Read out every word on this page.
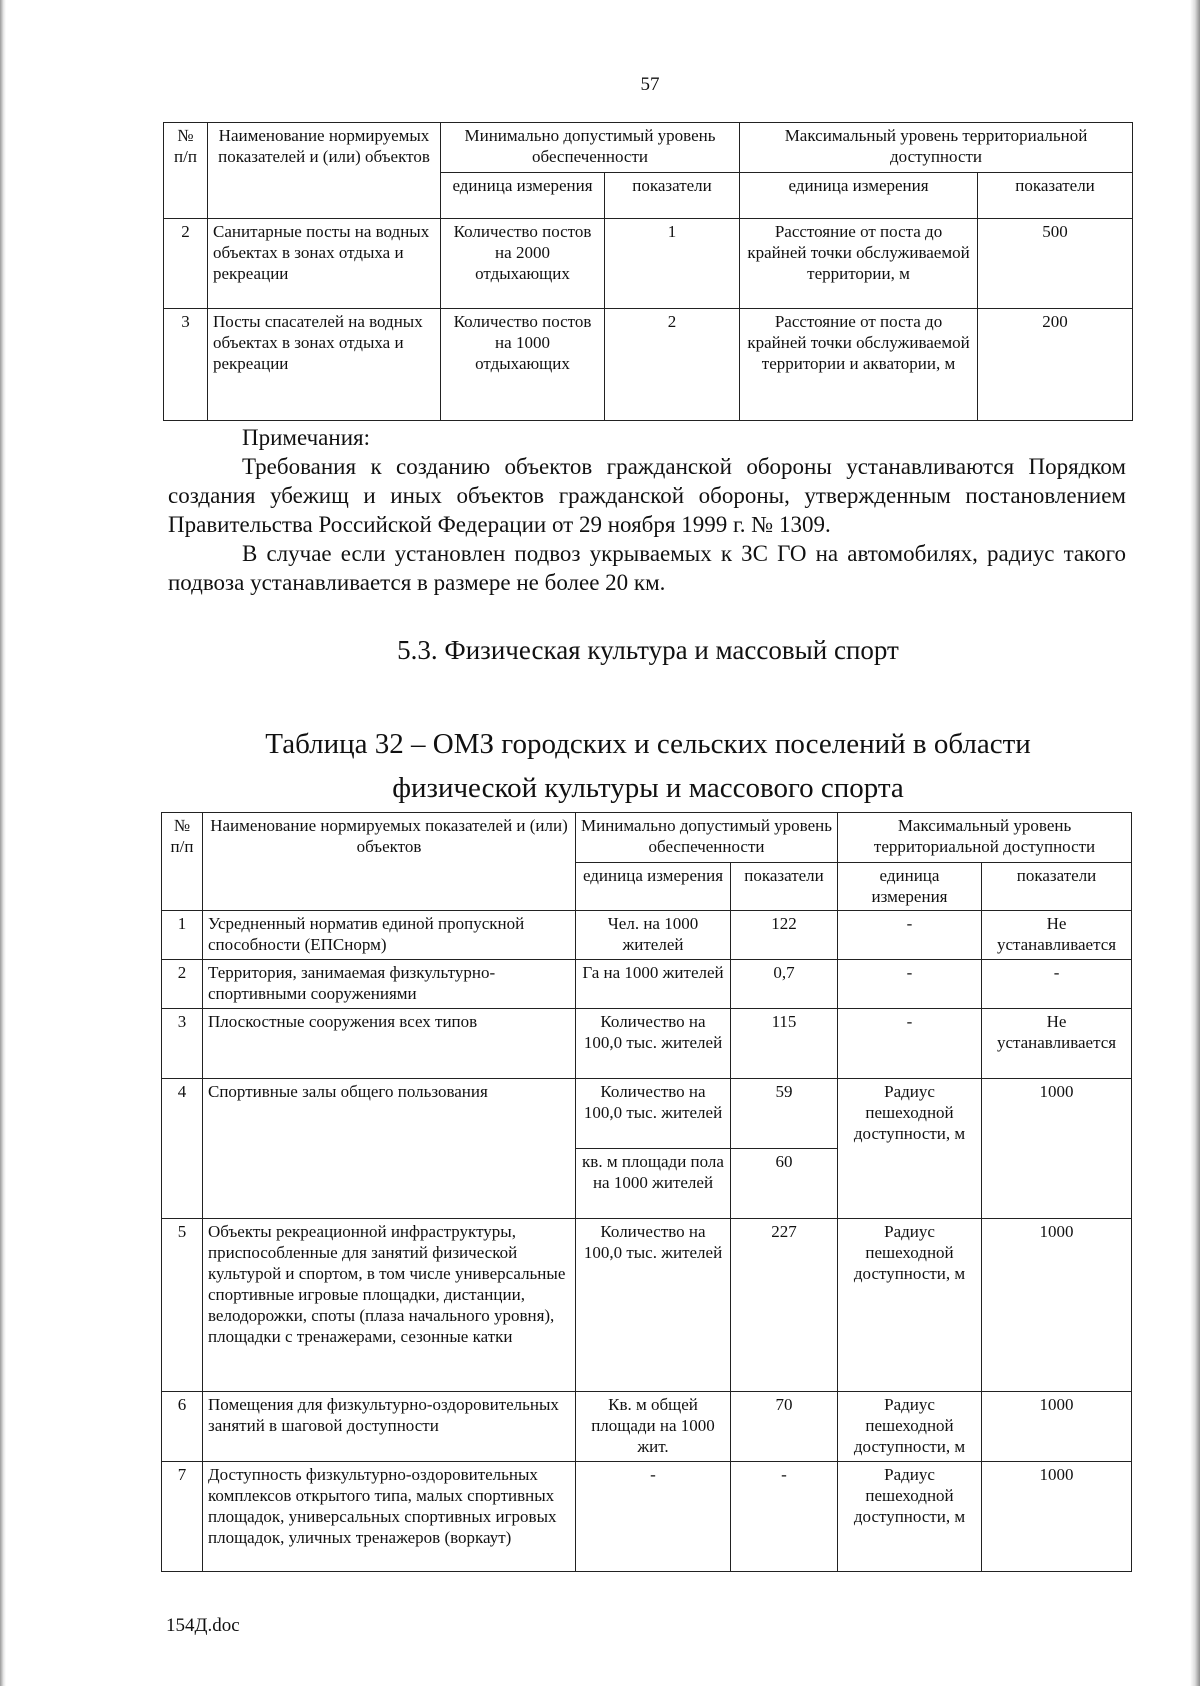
57
№ п/п	Наименование нормируемых показателей и (или) объектов	Минимально допустимый уровень обеспеченности		Максимальный уровень территориальной доступности	
		единица измерения	показатели	единица измерения	показатели
2	Санитарные посты на водных объектах в зонах отдыха и рекреации	Количество постов на 2000 отдыхающих	1	Расстояние от поста до крайней точки обслуживаемой территории, м	500
3	Посты спасателей на водных объектах в зонах отдыха и рекреации	Количество постов на 1000 отдыхающих	2	Расстояние от поста до крайней точки обслуживаемой территории и акватории, м	200

Примечания:

Требования к созданию объектов гражданской обороны устанавливаются Порядком создания убежищ и иных объектов гражданской обороны, утвержденным постановлением Правительства Российской Федерации от 29 ноября 1999 г. № 1309.

В случае если установлен подвоз укрываемых к ЗС ГО на автомобилях, радиус такого подвоза устанавливается в размере не более 20 км.

5.3. Физическая культура и массовый спорт
Таблица 32 – ОМЗ городских и сельских поселений в области
физической культуры и массового спорта
№ п/п	Наименование нормируемых показателей и (или) объектов	Минимально допустимый уровень обеспеченности		Максимальный уровень территориальной доступности	
		единица измерения	показатели	единица измерения	показатели
1	Усредненный норматив единой пропускной способности (ЕПСнорм)	Чел. на 1000 жителей	122	-	Не устанавливается
2	Территория, занимаемая физкультурно-спортивными сооружениями	Га на 1000 жителей	0,7	-	-
3	Плоскостные сооружения всех типов	Количество на 100,0 тыс. жителей	115	-	Не устанавливается
4	Спортивные залы общего пользования	Количество на 100,0 тыс. жителей	59	Радиус пешеходной доступности, м	1000
		кв. м площади пола на 1000 жителей	60		
5	Объекты рекреационной инфраструктуры, приспособленные для занятий физической культурой и спортом, в том числе универсальные спортивные игровые площадки, дистанции, велодорожки, споты (плаза начального уровня), площадки с тренажерами, сезонные катки	Количество на 100,0 тыс. жителей	227	Радиус пешеходной доступности, м	1000
6	Помещения для физкультурно-оздоровительных занятий в шаговой доступности	Кв. м общей площади на 1000 жит.	70	Радиус пешеходной доступности, м	1000
7	Доступность физкультурно-оздоровительных комплексов открытого типа, малых спортивных площадок, универсальных спортивных игровых площадок, уличных тренажеров (воркаут)	-	-	Радиус пешеходной доступности, м	1000
154Д.doc
